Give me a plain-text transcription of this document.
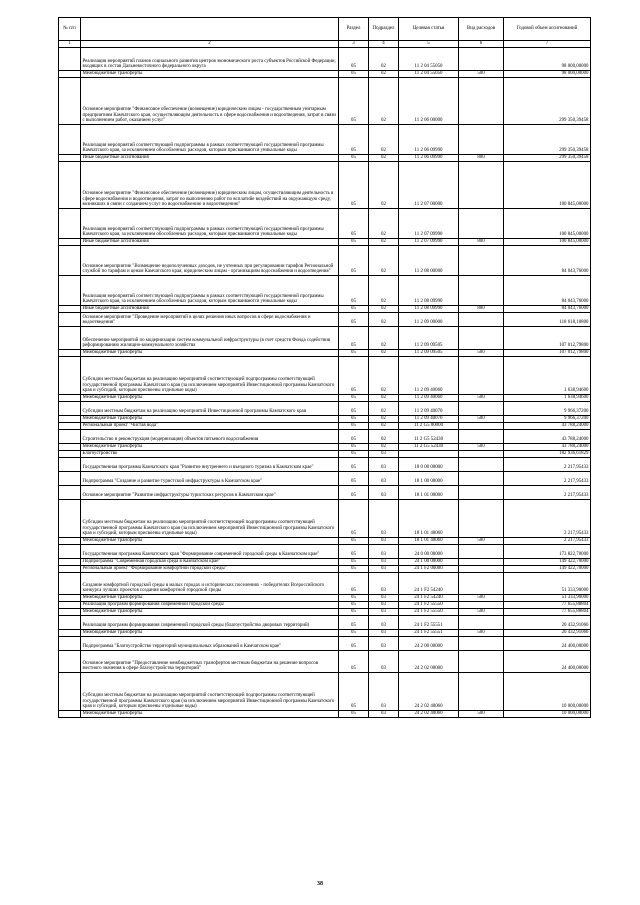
№ п/п		Раздел	Подраздел	Целевая статья	Вид расходов	Годовой объем ассигнований
1	2	3	4	5	6	7
	Реализация мероприятий планов социального развития центров экономического роста субъектов Российской Федерации, входящих в состав Дальневосточного федерального округа	05	02	11 2 04 55050		98 000,00000
	Межбюджетные трансферты	05	02	11 2 04 55050	500	98 000,00000
	Основное мероприятие "Финансовое обеспечение (возмещение) юридическим лицам - государственным унитарным предприятиям Камчатского края, осуществляющим деятельность в сфере водоснабжения и водоотведения, затрат в связи с выполнением работ, оказанием услуг"	05	02	11 2 06 00000		299 350,39458
	Реализация мероприятий соответствующей подпрограммы в рамках соответствующей государственной программы Камчатского края, за исключением обособленных расходов, которым присваиваются уникальные коды	05	02	11 2 06 09990		299 350,39458
	Иные бюджетные ассигнования	05	02	11 2 06 09990	800	299 350,39458
	Основное мероприятие "Финансовое обеспечение (возмещение) юридическим лицам, осуществляющим деятельность в сфере водоснабжения и водоотведения, затрат по выполнению работ по всплатийе воздействий на окружающую среду, возникших в связи с созданием услуг по водоснабжению и водоотведению"	05	02	11 2 07 00000		100 845,00000
	Реализация мероприятий соответствующей подпрограммы в рамках соответствующей государственной программы Камчатского края, за исключением обособленных расходов, которым присваиваются уникальные коды	05	02	11 2 07 09990		100 845,00000
	Иные бюджетные ассигнования	05	02	11 2 07 09990	800	100 845,00000
	Основное мероприятие "Возмещение недополученных доходов, не учтенных при регулировании тарифов Региональной службой по тарифам и ценам Камчатского края, юридическим лицам - организациям водоснабжения и водоотведения"	05	02	11 2 08 00000		84 043,76000
	Реализация мероприятий соответствующей подпрограммы в рамках соответствующей государственной программы Камчатского края, за исключением обособленных расходов, которым присваиваются уникальные коды	05	02	11 2 08 09990		84 043,76000
	Иные бюджетные ассигнования	05	02	11 2 08 09990	800	84 043,76000
	Основное мероприятие "Проведение мероприятий в целях решения иных вопросов в сфере водоснабжения и водоотведения"	05	02	11 2 09 00000		118 618,10800
	Обеспечение мероприятий по модернизации систем коммунальной инфраструктуры (в счет средств Фонда содействия реформированию жилищно-коммунального хозяйства	05	02	11 2 09 09505		107 012,79800
	Межбюджетные трансферты	05	02	11 2 09 09505	500	107 012,79800
	Субсидии местным бюджетам на реализацию мероприятий соответствующей подпрограммы соответствующей государственной программы Камчатского края (за исключением мероприятий Инвестиционной программы Камчатского края и субсидий, которым присвоены отдельные коды)	05	02	11 2 09 40060		1 638,94600
	Межбюджетные трансферты	05	02	11 2 09 40060	500	1 638,94600
	Субсидии местным бюджетам на реализацию мероприятий Инвестиционной программы Камчатского края	05	02	11 2 09 40070		9 966,37200
	Межбюджетные трансферты	05	02	11 2 09 40070	500	9 966,37200
	Региональный проект "Чистая вода"	05	02	11 2 G5 00000		43 788,24000
	Строительство и реконструкция (модернизация) объектов питьевого водоснабжения	05	02	11 2 G5 52430		43 788,24000
	Межбюджетные трансферты	05	02	11 2 G5 52430	500	43 788,24000
	Благоустройство	05	03			182 936,61829
	Государственная программа Камчатского края "Развитие внутреннего и въездного туризма в Камчатском крае"	05	03	18 0 00 00000		2 217,95433
	Подпрограмма "Создание и развитие туристской инфраструктуры в Камчатском крае"	05	03	18 1 00 00000		2 217,95433
	Основное мероприятие "Развитие инфраструктуры туристских ресурсов в Камчатском крае"	05	03	18 1 01 00000		2 217,95433
	Субсидии местным бюджетам на реализацию мероприятий соответствующей подпрограммы соответствующей государственной программы Камчатского края (за исключением мероприятий Инвестиционной программы Камчатского края и субсидий, которым присвоены отдельные коды)	05	03	18 1 01 40060		2 217,95433
	Межбюджетные трансферты	05	03	18 1 01 40060	500	2 217,95433
	Государственная программа Камчатского края "Формирование современной городской среды в Камчатском крае"	05	03	24 0 00 00000		173 822,70000
	Подпрограмма "Современная городская среда в Камчатском крае"	05	03	24 1 00 00000		149 422,70000
	Региональный проект "Формирование комфортной городской среды"	05	03	24 1 F2 00000		149 422,70000
	Создание комфортной городской среды в малых городах и исторических поселениях - победителях Всероссийского конкурса лучших проектов создания комфортной городской среды	05	03	24 1 F2 54240		51 333,90000
	Межбюджетные трансферты	05	03	24 1 F2 54240	500	51 333,90000
	Реализация программ формирования современной городской среды	05	03	24 1 F2 55550		77 655,88804
	Межбюджетные трансферты	05	03	24 1 F2 55550	500	77 655,88804
	Реализация программ формирования современной городской среды (благоустройство дворовых территорий)	05	03	24 1 F2 55551		20 432,91066
	Межбюджетные трансферты	05	03	24 1 F2 55551	500	20 432,91066
	Подпрограмма "Благоустройство территорий муниципальных образований в Камчатском крае"	05	03	24 2 00 00000		24 400,00000
	Основное мероприятие "Предоставление межбюджетных трансфертов местным бюджетам на решение вопросов местного значения в сфере благоустройства территорий"	05	03	24 2 02 00000		24 400,00000
	Субсидии местным бюджетам на реализацию мероприятий соответствующей подпрограммы соответствующей государственной программы Камчатского края (за исключением мероприятий Инвестиционной программы Камчатского края и субсидий, которым присвоены отдельные коды)	05	03	24 2 02 40060		10 000,00000
	Межбюджетные трансферты	05	03	24 2 02 40060	500	10 000,00000
38
